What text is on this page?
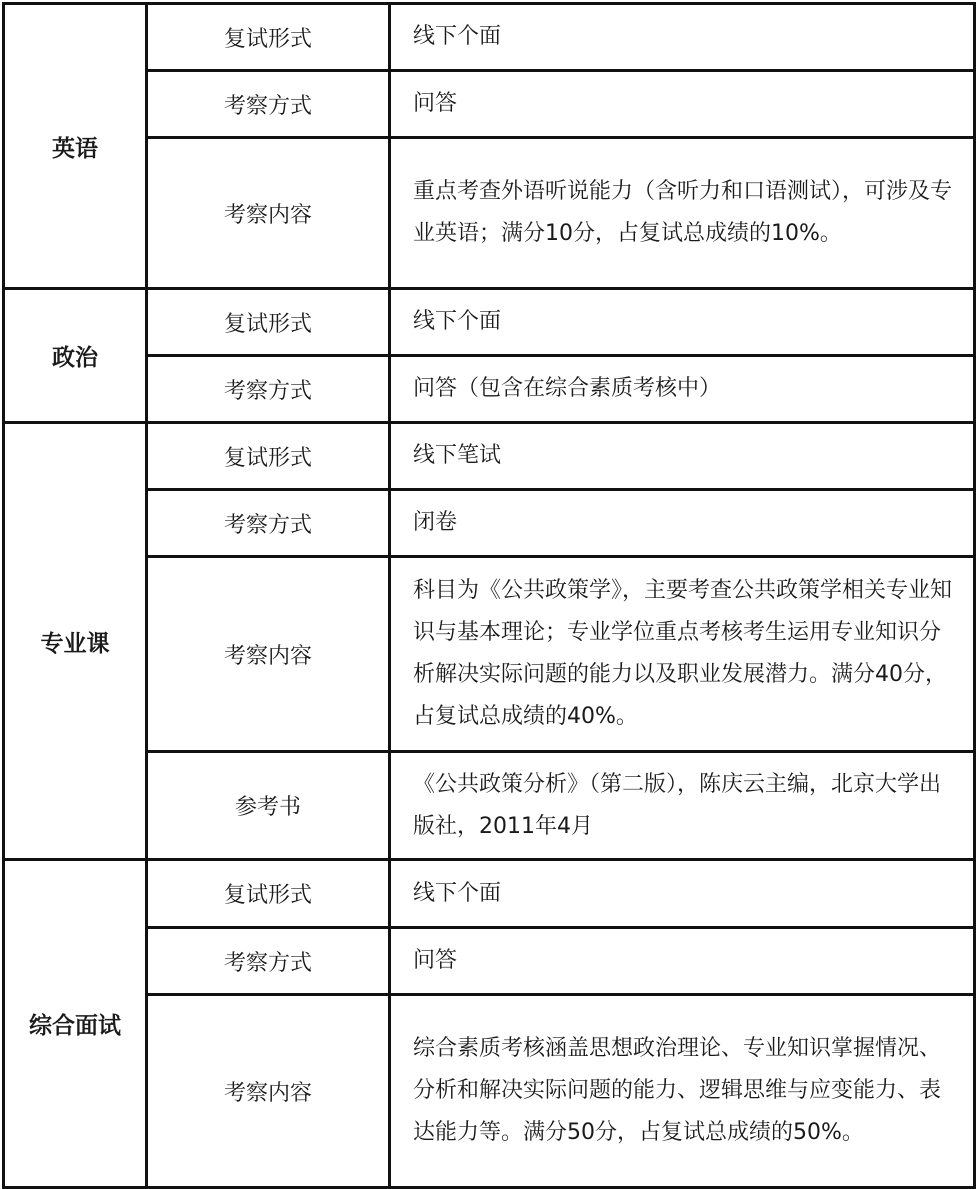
英语	复试形式	线下个面
	考察方式	问答
	考察内容	重点考查外语听说能力（含听力和口语测试），可涉及专业英语；满分10分，占复试总成绩的10%。
政治	复试形式	线下个面
	考察方式	问答（包含在综合素质考核中）
专业课	复试形式	线下笔试
	考察方式	闭卷
	考察内容	科目为《公共政策学》，主要考查公共政策学相关专业知识与基本理论；专业学位重点考核考生运用专业知识分析解决实际问题的能力以及职业发展潜力。满分40分，占复试总成绩的40%。
	参考书	《公共政策分析》（第二版），陈庆云主编，北京大学出版社，2011年4月
综合面试	复试形式	线下个面
	考察方式	问答
	考察内容	综合素质考核涵盖思想政治理论、专业知识掌握情况、分析和解决实际问题的能力、逻辑思维与应变能力、表达能力等。满分50分，占复试总成绩的50%。
